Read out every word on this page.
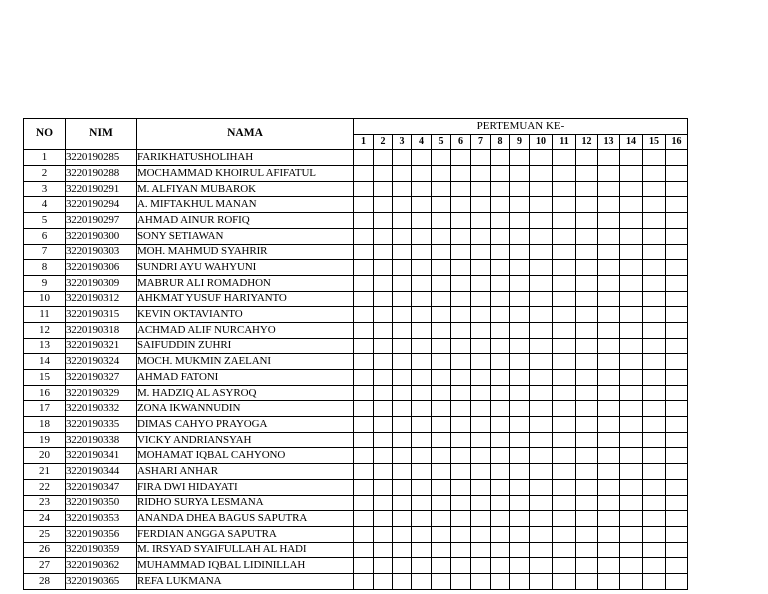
NO	NIM	NAMA	PERTEMUAN KE-															
			1	2	3	4	5	6	7	8	9	10	11	12	13	14	15	16
1	3220190285	FARIKHATUSHOLIHAH																
2	3220190288	MOCHAMMAD KHOIRUL AFIFATUL																
3	3220190291	M. ALFIYAN MUBAROK																
4	3220190294	A. MIFTAKHUL MANAN																
5	3220190297	AHMAD AINUR ROFIQ																
6	3220190300	SONY SETIAWAN																
7	3220190303	MOH. MAHMUD SYAHRIR																
8	3220190306	SUNDRI AYU WAHYUNI																
9	3220190309	MABRUR ALI ROMADHON																
10	3220190312	AHKMAT YUSUF HARIYANTO																
11	3220190315	KEVIN OKTAVIANTO																
12	3220190318	ACHMAD ALIF NURCAHYO																
13	3220190321	SAIFUDDIN ZUHRI																
14	3220190324	MOCH. MUKMIN ZAELANI																
15	3220190327	AHMAD FATONI																
16	3220190329	M. HADZIQ AL ASYROQ																
17	3220190332	ZONA IKWANNUDIN																
18	3220190335	DIMAS CAHYO PRAYOGA																
19	3220190338	VICKY ANDRIANSYAH																
20	3220190341	MOHAMAT IQBAL CAHYONO																
21	3220190344	ASHARI ANHAR																
22	3220190347	FIRA DWI HIDAYATI																
23	3220190350	RIDHO SURYA LESMANA																
24	3220190353	ANANDA DHEA BAGUS SAPUTRA																
25	3220190356	FERDIAN ANGGA SAPUTRA																
26	3220190359	M. IRSYAD SYAIFULLAH AL HADI																
27	3220190362	MUHAMMAD IQBAL LIDINILLAH																
28	3220190365	REFA LUKMANA																
